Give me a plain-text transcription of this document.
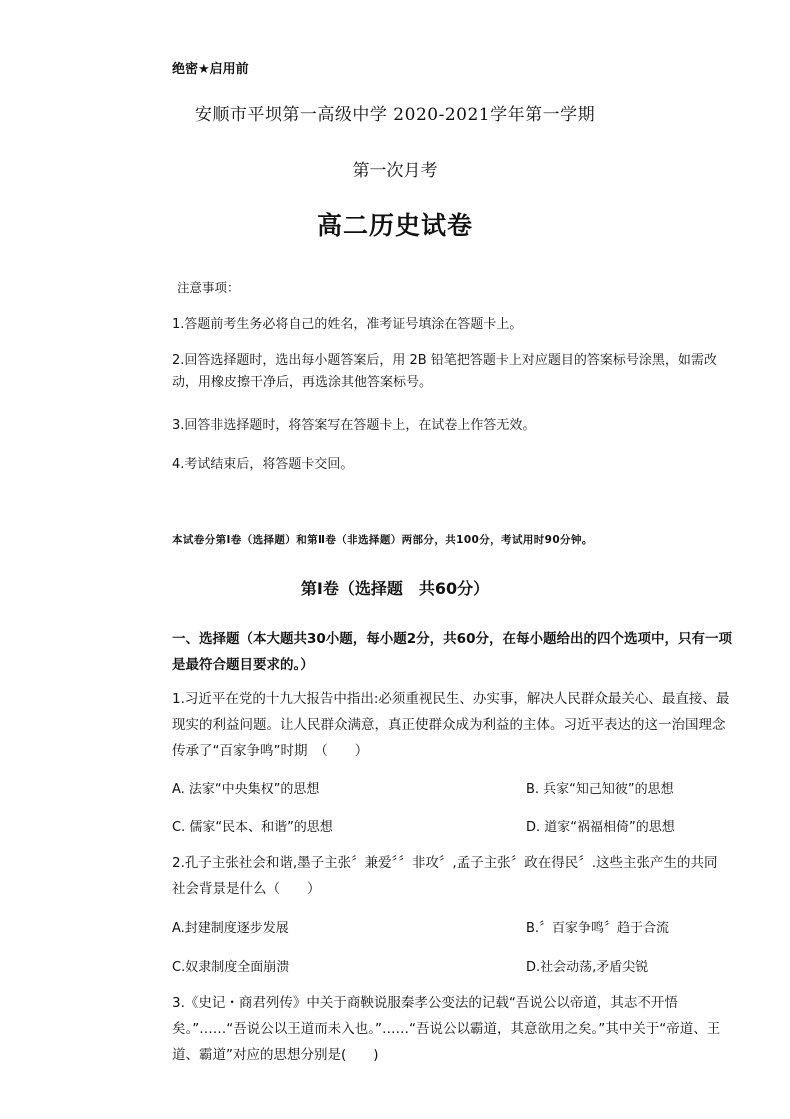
绝密★启用前
安顺市平坝第一高级中学 2020-2021学年第一学期
第一次月考
高二历史试卷
注意事项：
1.答题前考生务必将自己的姓名，准考证号填涂在答题卡上。
2.回答选择题时，选出每小题答案后，用 2B 铅笔把答题卡上对应题目的答案标号涂黑，如需改动，用橡皮擦干净后，再选涂其他答案标号。
3.回答非选择题时，将答案写在答题卡上，在试卷上作答无效。
4.考试结束后，将答题卡交回。
本试卷分第Ⅰ卷（选择题）和第Ⅱ卷（非选择题）两部分，共100分，考试用时90分钟。
第Ⅰ卷（选择题　共60分）
一、选择题（本大题共30小题，每小题2分，共60分，在每小题给出的四个选项中，只有一项是最符合题目要求的。）
1.习近平在党的十九大报告中指出:必须重视民生、办实事，解决人民群众最关心、最直接、最现实的利益问题。让人民群众满意，真正使群众成为利益的主体。习近平表达的这一治国理念传承了“百家争鸣”时期　（　　）
A. 法家“中央集权”的思想	B. 兵家“知己知彼”的思想
C. 儒家“民本、和谐”的思想	D. 道家“祸福相倚”的思想
2.孔子主张社会和谐,墨子主张〞兼爱〞〞非攻〞,孟子主张〞政在得民〞.这些主张产生的共同社会背景是什么（　　）
A.封建制度逐步发展	B.〞百家争鸣〞趋于合流
C.奴隶制度全面崩溃	D.社会动荡,矛盾尖锐
3.《史记・商君列传》中关于商鞅说服秦孝公变法的记载“吾说公以帝道，其志不开悟矣。”……“吾说公以王道而未入也。”……“吾说公以霸道，其意欲用之矣。”其中关于“帝道、王道、霸道”对应的思想分别是(　　)
